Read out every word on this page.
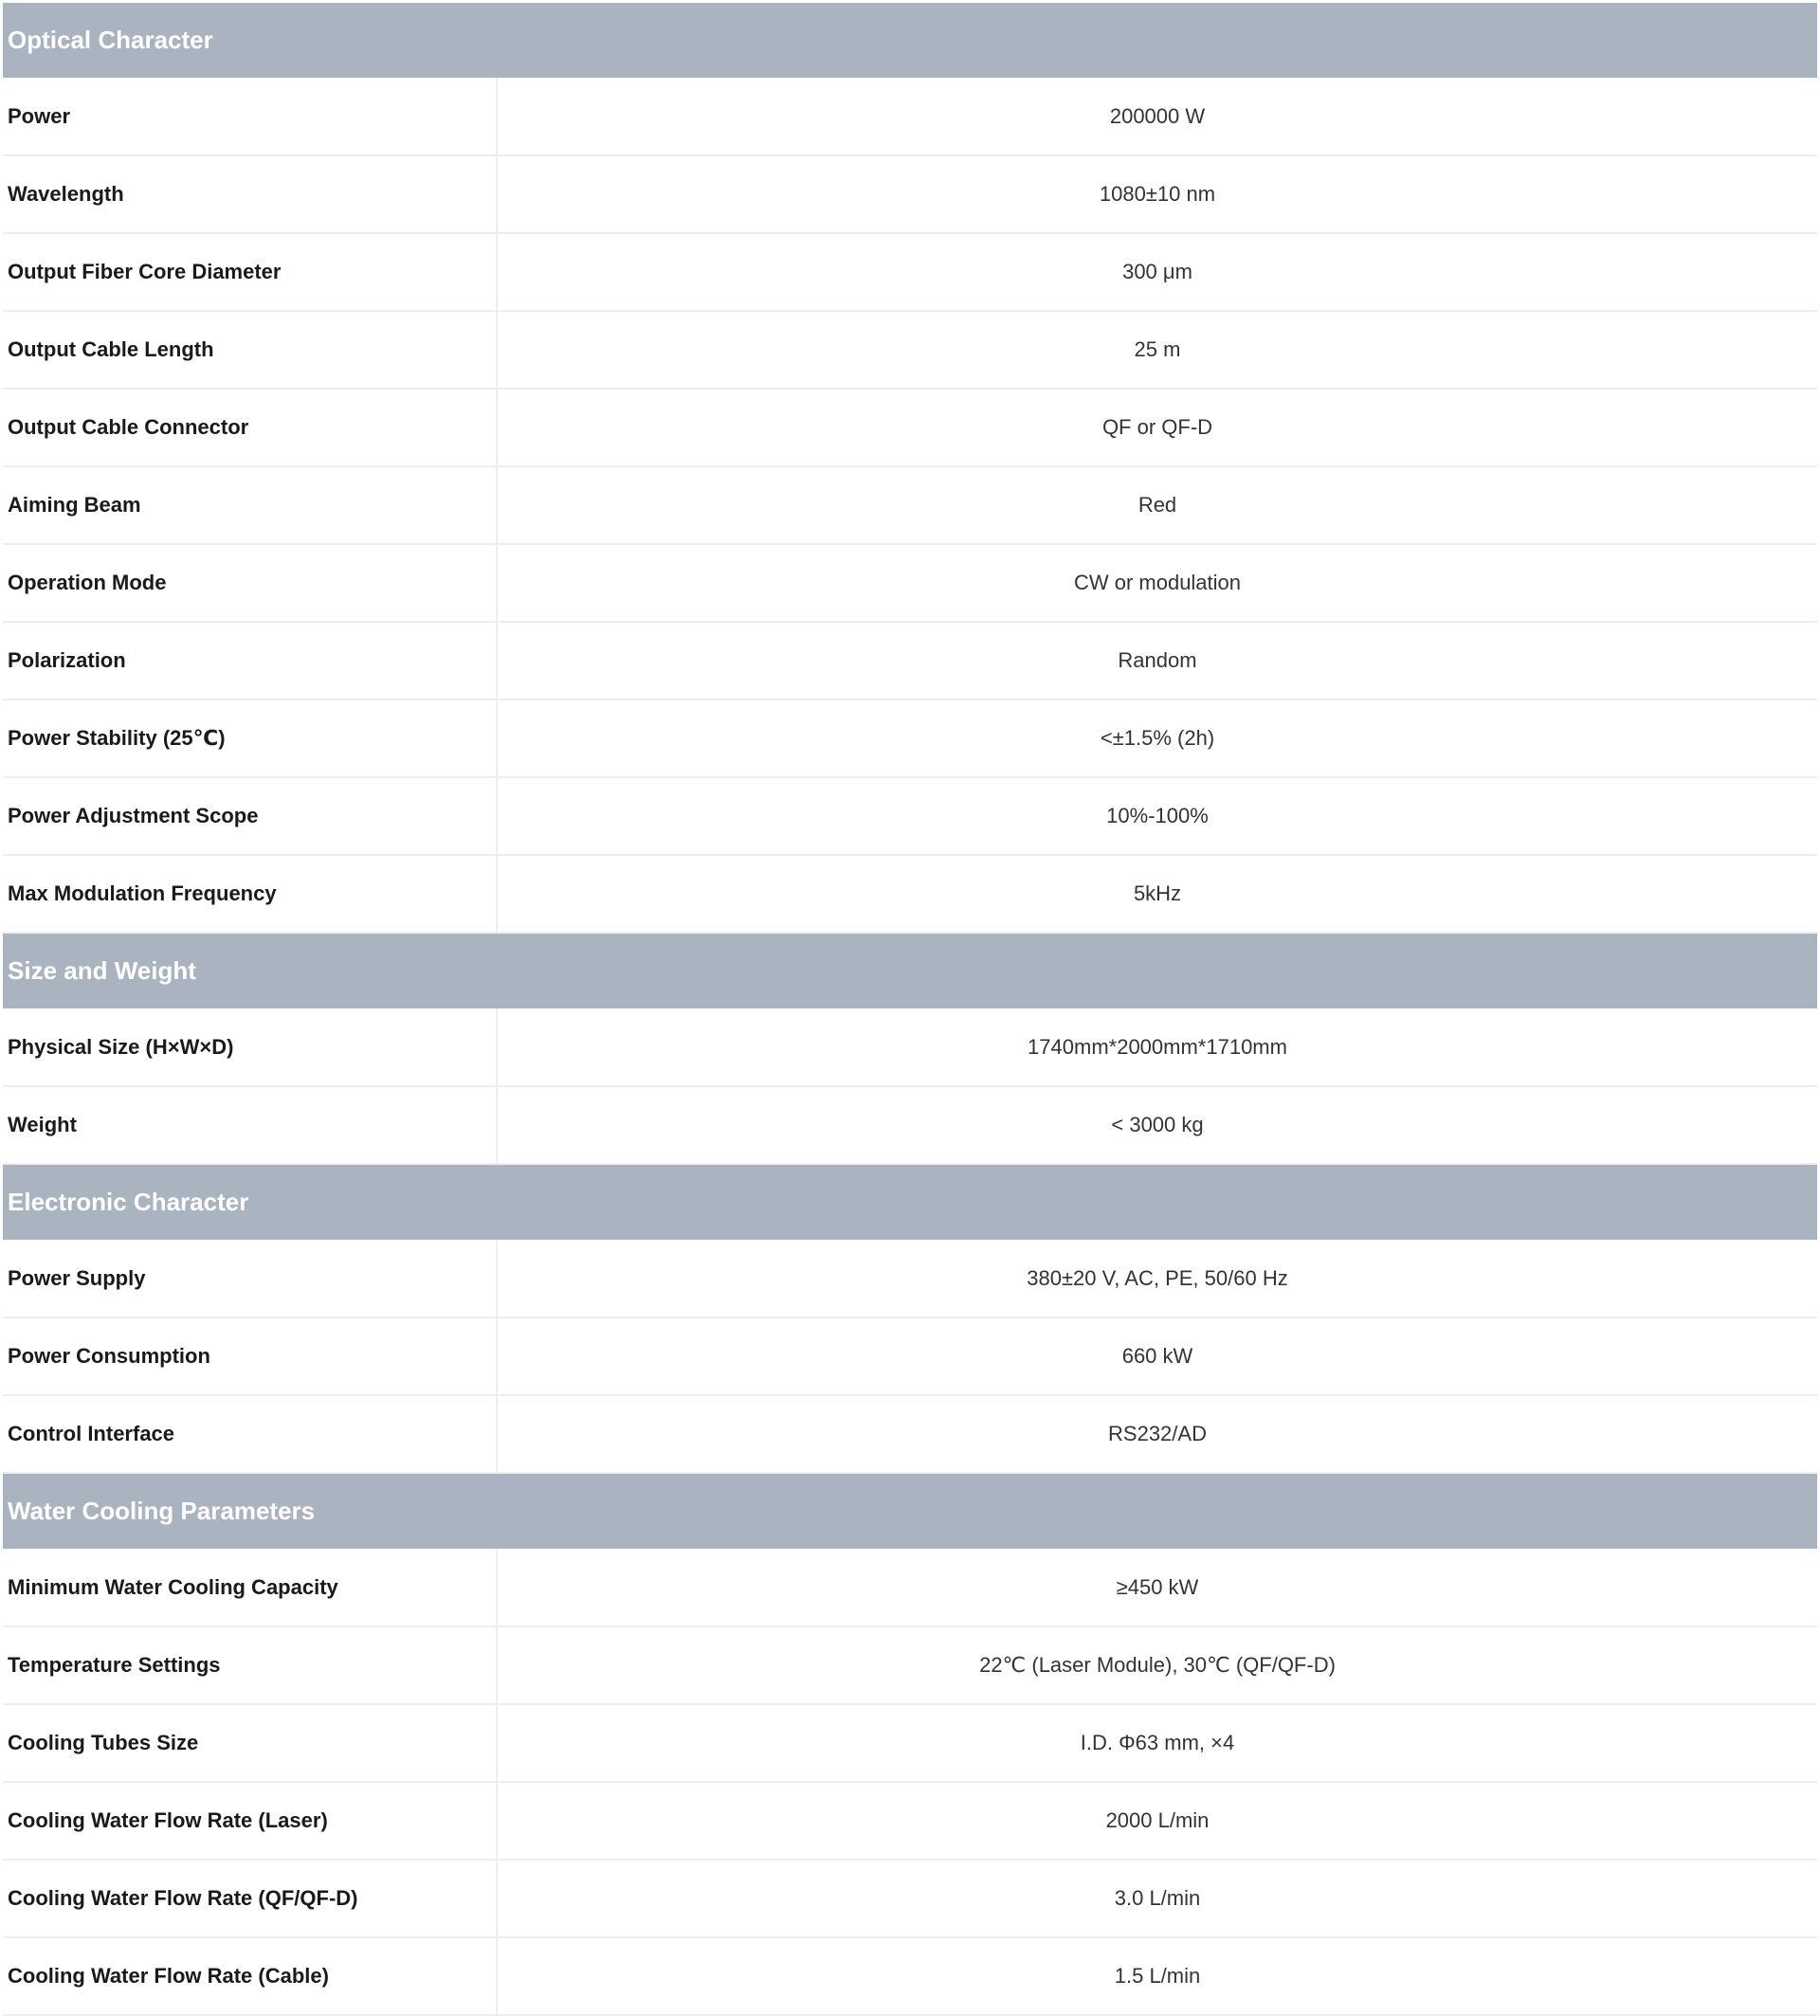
Optical Character	
Power	200000 W
Wavelength	1080±10 nm
Output Fiber Core Diameter	300 μm
Output Cable Length	25 m
Output Cable Connector	QF or QF-D
Aiming Beam	Red
Operation Mode	CW or modulation
Polarization	Random
Power Stability (25℃)	<±1.5% (2h)
Power Adjustment Scope	10%-100%
Max Modulation Frequency	5kHz
Size and Weight	
Physical Size (H×W×D)	1740mm*2000mm*1710mm
Weight	< 3000 kg
Electronic Character	
Power Supply	380±20 V, AC, PE, 50/60 Hz
Power Consumption	660 kW
Control Interface	RS232/AD
Water Cooling Parameters	
Minimum Water Cooling Capacity	≥450 kW
Temperature Settings	22℃ (Laser Module), 30℃ (QF/QF-D)
Cooling Tubes Size	I.D. Φ63 mm, ×4
Cooling Water Flow Rate (Laser)	2000 L/min
Cooling Water Flow Rate (QF/QF-D)	3.0 L/min
Cooling Water Flow Rate (Cable)	1.5 L/min
